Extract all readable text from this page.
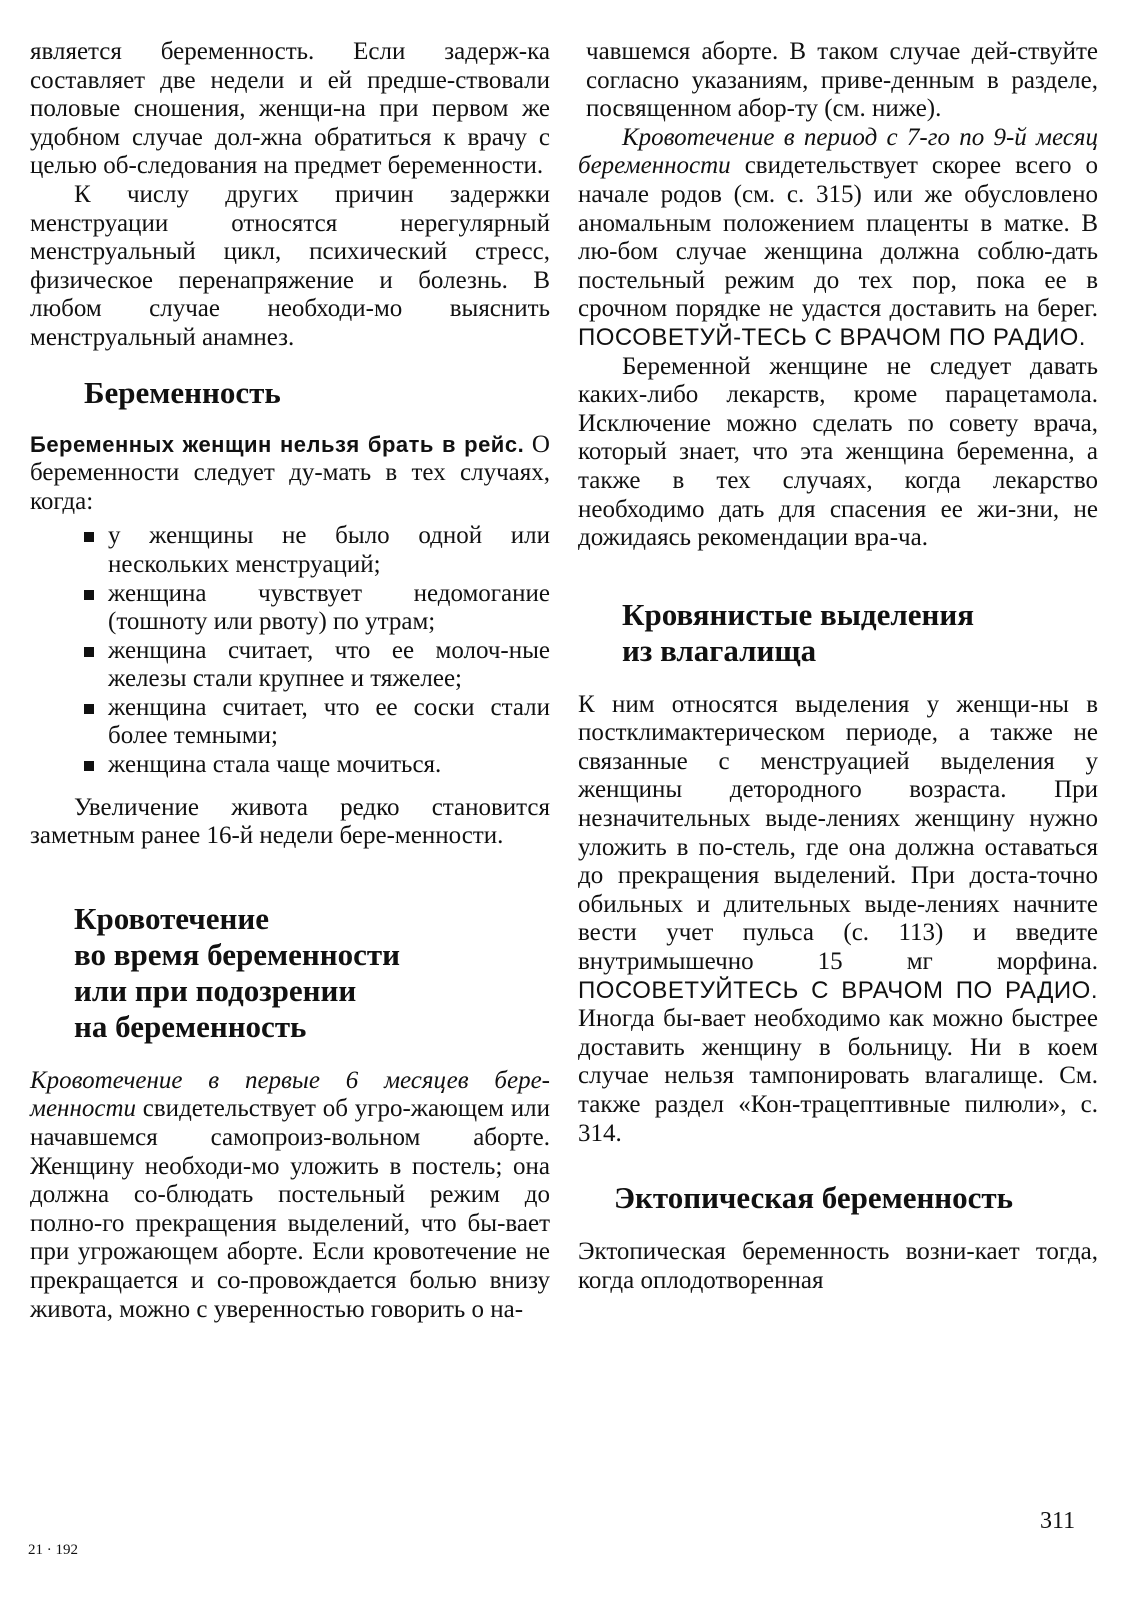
является беременность. Если задерж-ка составляет две недели и ей предше-ствовали половые сношения, женщи-на при первом же удобном случае дол-жна обратиться к врачу с целью об-следования на предмет беременности.

К числу других причин задержки менструации относятся нерегулярный менструальный цикл, психический стресс, физическое перенапряжение и болезнь. В любом случае необходи-мо выяснить менструальный анамнез.

Беременность

Беременных женщин нельзя брать в рейс. О беременности следует ду-мать в тех случаях, когда:

у женщины не было одной или нескольких менструаций;
женщина чувствует недомогание (тошноту или рвоту) по утрам;
женщина считает, что ее молоч-ные железы стали крупнее и тяжелее;
женщина считает, что ее соски стали более темными;
женщина стала чаще мочиться.

Увеличение живота редко становится заметным ранее 16-й недели бере-менности.

Кровотечение
во время беременности
или при подозрении
на беременность

Кровотечение в первые 6 месяцев бере-менности свидетельствует об угро-жающем или начавшемся самопроиз-вольном аборте. Женщину необходи-мо уложить в постель; она должна со-блюдать постельный режим до полно-го прекращения выделений, что бы-вает при угрожающем аборте. Если кровотечение не прекращается и со-провождается болью внизу живота, можно с уверенностью говорить о на-

чавшемся аборте. В таком случае дей-ствуйте согласно указаниям, приве-денным в разделе, посвященном абор-ту (см. ниже).

Кровотечение в период с 7-го по 9-й месяц беременности свидетельствует скорее всего о начале родов (см. с. 315) или же обусловлено аномальным положением плаценты в матке. В лю-бом случае женщина должна соблю-дать постельный режим до тех пор, пока ее в срочном порядке не удастся доставить на берег. ПОСОВЕТУЙ-ТЕСЬ С ВРАЧОМ ПО РАДИО.

Беременной женщине не следует давать каких-либо лекарств, кроме парацетамола. Исключение можно сделать по совету врача, который знает, что эта женщина беременна, а также в тех случаях, когда лекарство необходимо дать для спасения ее жи-зни, не дожидаясь рекомендации вра-ча.

Кровянистые выделения
из влагалища

К ним относятся выделения у женщи-ны в постклимактерическом периоде, а также не связанные с менструацией выделения у женщины детородного возраста. При незначительных выде-лениях женщину нужно уложить в по-стель, где она должна оставаться до прекращения выделений. При доста-точно обильных и длительных выде-лениях начните вести учет пульса (с. 113) и введите внутримышечно 15 мг морфина. ПОСОВЕТУЙТЕСЬ С ВРАЧОМ ПО РАДИО. Иногда бы-вает необходимо как можно быстрее доставить женщину в больницу. Ни в коем случае нельзя тампонировать влагалище. См. также раздел «Кон-трацептивные пилюли», с. 314.

Эктопическая беременность

Эктопическая беременность возни-кает тогда, когда оплодотворенная

21 · 192
311
